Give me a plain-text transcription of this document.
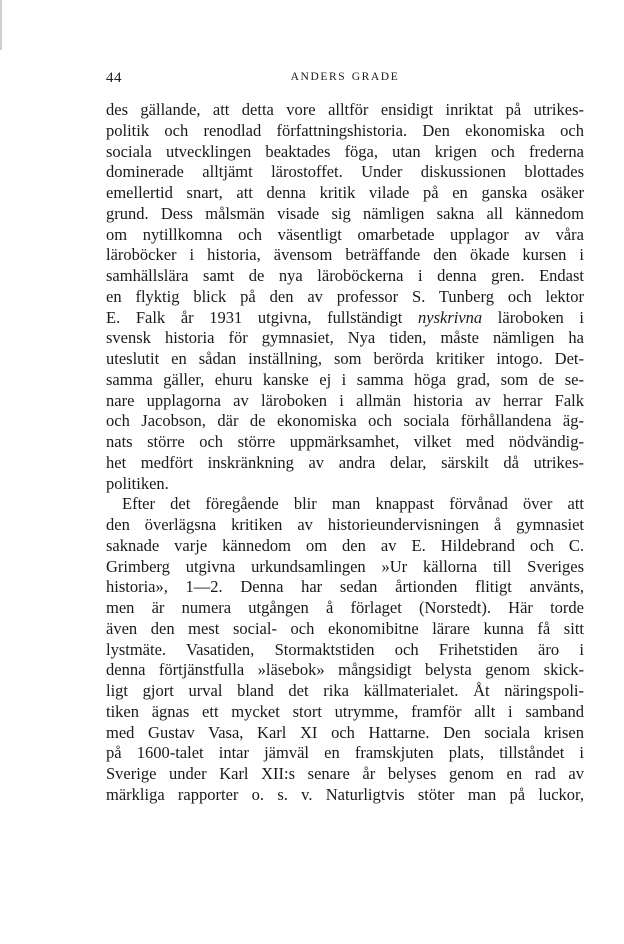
44	ANDERS GRADE
des gällande, att detta vore alltför ensidigt inriktat på utrikes-
politik och renodlad författningshistoria. Den ekonomiska och
sociala utvecklingen beaktades föga, utan krigen och frederna
dominerade alltjämt lärostoffet. Under diskussionen blottades
emellertid snart, att denna kritik vilade på en ganska osäker
grund. Dess målsmän visade sig nämligen sakna all kännedom
om nytillkomna och väsentligt omarbetade upplagor av våra
läroböcker i historia, ävensom beträffande den ökade kursen i
samhällslära samt de nya läroböckerna i denna gren. Endast
en flyktig blick på den av professor S. Tunberg och lektor
E. Falk år 1931 utgivna, fullständigt nyskrivna läroboken i
svensk historia för gymnasiet, Nya tiden, måste nämligen ha
uteslutit en sådan inställning, som berörda kritiker intogo. Det-
samma gäller, ehuru kanske ej i samma höga grad, som de se-
nare upplagorna av läroboken i allmän historia av herrar Falk
och Jacobson, där de ekonomiska och sociala förhållandena äg-
nats större och större uppmärksamhet, vilket med nödvändig-
het medfört inskränkning av andra delar, särskilt då utrikes-
politiken.
Efter det föregående blir man knappast förvånad över att
den överlägsna kritiken av historieundervisningen å gymnasiet
saknade varje kännedom om den av E. Hildebrand och C.
Grimberg utgivna urkundsamlingen »Ur källorna till Sveriges
historia», 1—2. Denna har sedan årtionden flitigt använts,
men är numera utgången å förlaget (Norstedt). Här torde
även den mest social- och ekonomibitne lärare kunna få sitt
lystmäte. Vasatiden, Stormaktstiden och Frihetstiden äro i
denna förtjänstfulla »läsebok» mångsidigt belysta genom skick-
ligt gjort urval bland det rika källmaterialet. Åt näringspoli-
tiken ägnas ett mycket stort utrymme, framför allt i samband
med Gustav Vasa, Karl XI och Hattarne. Den sociala krisen
på 1600-talet intar jämväl en framskjuten plats, tillståndet i
Sverige under Karl XII:s senare år belyses genom en rad av
märkliga rapporter o. s. v. Naturligtvis stöter man på luckor,
